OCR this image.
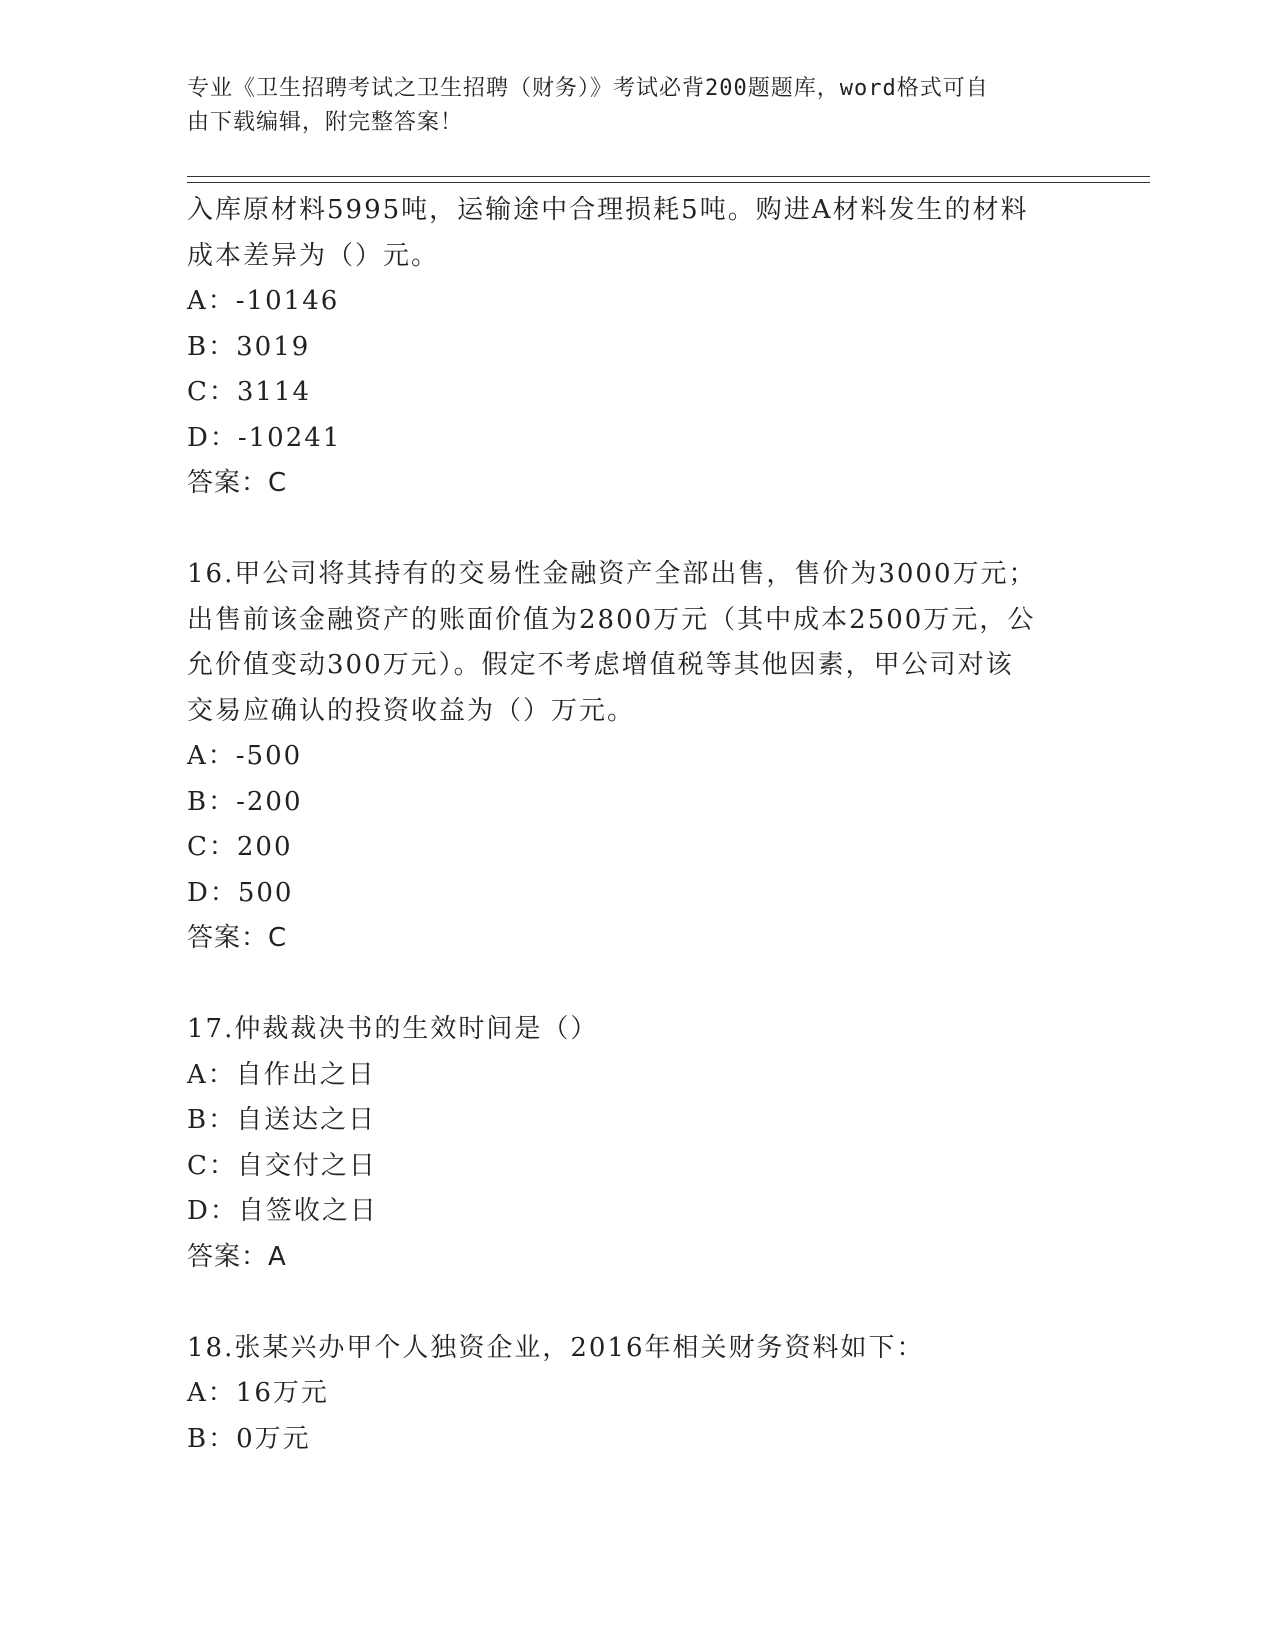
专业《卫生招聘考试之卫生招聘（财务）》考试必背200题题库，word格式可自
由下载编辑，附完整答案！
入库原材料5995吨，运输途中合理损耗5吨。购进A材料发生的材料
成本差异为（）元。
A：-10146
B：3019
C：3114
D：-10241
答案：C
16.甲公司将其持有的交易性金融资产全部出售，售价为3000万元；
出售前该金融资产的账面价值为2800万元（其中成本2500万元，公
允价值变动300万元）。假定不考虑增值税等其他因素，甲公司对该
交易应确认的投资收益为（）万元。
A：-500
B：-200
C：200
D：500
答案：C
17.仲裁裁决书的生效时间是（）
A：自作出之日
B：自送达之日
C：自交付之日
D：自签收之日
答案：A
18.张某兴办甲个人独资企业，2016年相关财务资料如下：
A：16万元
B：0万元
